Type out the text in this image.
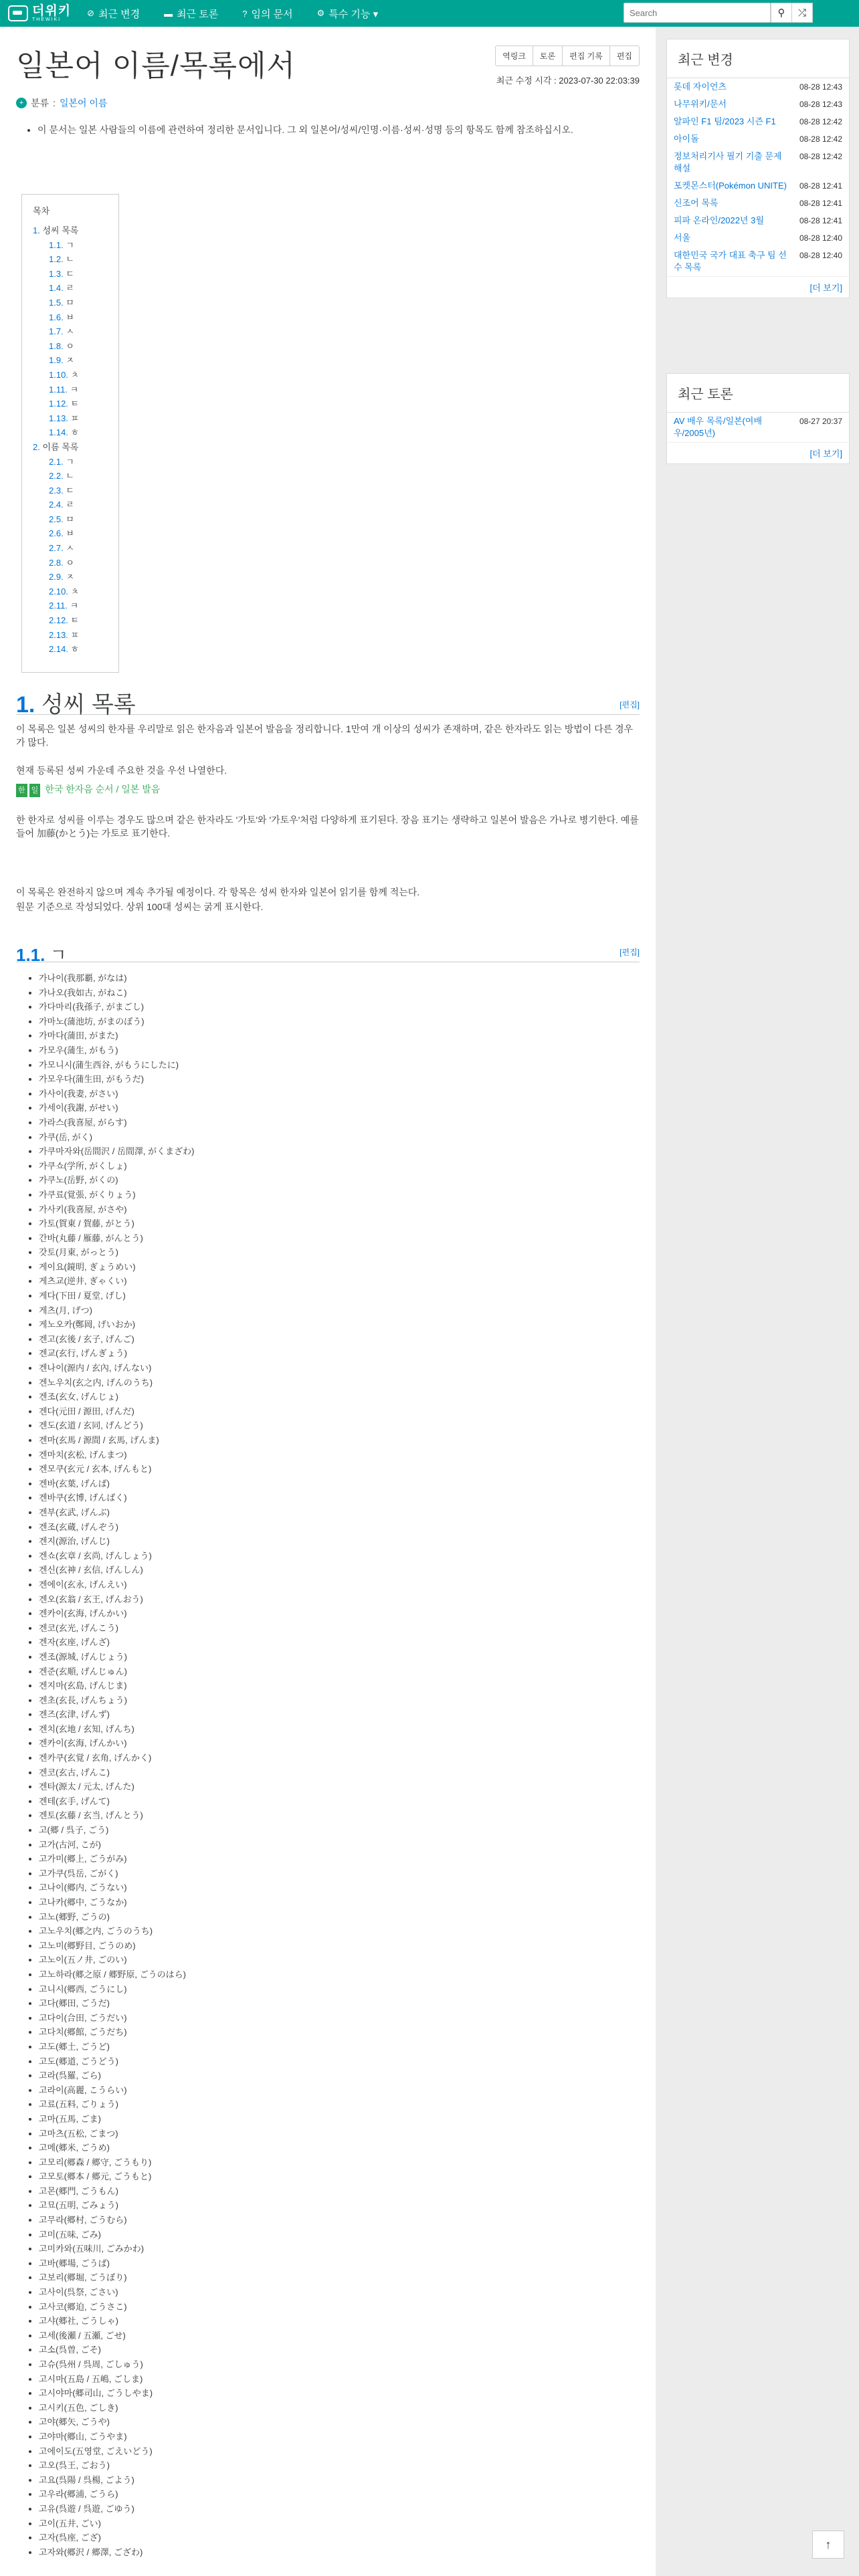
더위키
THEWIKI
⊘ 최근 변경	▬ 최근 토론	? 임의 문서	⚙ 특수 기능 ▾
Search	⚲ ⤮
일본어 이름/목록에서	역링크	토론	편집 기록	편집
최근 수정 시각 : 2023-07-30 22:03:39
+ 분류 : 일본어 이름
• 이 문서는 일본 사람들의 이름에 관련하여 정리한 문서입니다. 그 외 일본어/성씨/인명·이름·성씨·성명 등의 항목도 함께 참조하십시오.
목차
1. 성씨 목록
1.1. ㄱ
1.2. ㄴ
1.3. ㄷ
1.4. ㄹ
1.5. ㅁ
1.6. ㅂ
1.7. ㅅ
1.8. ㅇ
1.9. ㅈ
1.10. ㅊ
1.11. ㅋ
1.12. ㅌ
1.13. ㅍ
1.14. ㅎ
2. 이름 목록
2.1. ㄱ
2.2. ㄴ
2.3. ㄷ
2.4. ㄹ
2.5. ㅁ
2.6. ㅂ
2.7. ㅅ
2.8. ㅇ
2.9. ㅈ
2.10. ㅊ
2.11. ㅋ
2.12. ㅌ
2.13. ㅍ
2.14. ㅎ
1. 성씨 목록	[편집]
이 목록은 일본 성씨의 한자를 우리말로 읽은 한자음과 일본어 발음을 정리합니다. 1만여 개 이상의 성씨가 존재하며, 같은 한자라도 읽는 방법이 다른 경우가 많다.
현재 등록된 성씨 가운데 주요한 것을 우선 나열한다.
한 일 한국 한자음 순서 / 일본 발음
한 한자로 성씨를 이루는 경우도 많으며 같은 한자라도 '가토'와 '가토우'처럼 다양하게 표기된다. 장음 표기는 생략하고 일본어 발음은 가나로 병기한다. 예를 들어 加藤(かとう)는 가토로 표기한다.
이 목록은 완전하지 않으며 계속 추가될 예정이다. 각 항목은 성씨 한자와 일본어 읽기를 함께 적는다.
원문 기준으로 작성되었다. 상위 100대 성씨는 굵게 표시한다.
1.1. ㄱ	[편집]
• 가나이(我那覇, がなは)
• 가나오(我如古, がねこ)
• 가다마리(我孫子, がまごし)
• 가마노(蒲池坊, がまのぼう)
• 가마다(蒲田, がまた)
• 가모우(蒲生, がもう)
• 가모니시(蒲生西谷, がもうにしたに)
• 가모우다(蒲生田, がもうだ)
• 가사이(我妻, がさい)
• 가세이(我謝, がせい)
• 가라스(我喜屋, がらす)
• 가쿠(岳, がく)
• 가쿠마자와(岳間沢 / 岳間澤, がくまざわ)
• 가쿠쇼(学所, がくしょ)
• 가쿠노(岳野, がくの)
• 가쿠료(覚張, がくりょう)
• 가사키(我喜屋, がさや)
• 가토(賀東 / 賀藤, がとう)
• 간바(丸藤 / 雁藤, がんとう)
• 갓토(月東, がっとう)
• 게이요(鏡明, ぎょうめい)
• 게츠교(逆井, ぎゃくい)
• 게다(下田 / 夏堂, げし)
• 게츠(月, げつ)
• 게노오카(鄭岡, げいおか)
• 겐고(玄後 / 玄子, げんご)
• 겐교(玄行, げんぎょう)
• 겐나이(源内 / 玄內, げんない)
• 겐노우치(玄之内, げんのうち)
• 겐조(玄女, げんじょ)
• 겐다(元田 / 源田, げんだ)
• 겐도(玄道 / 玄同, げんどう)
• 겐마(玄馬 / 源間 / 玄馬, げんま)
• 겐마치(玄松, げんまつ)
• 겐모쿠(玄元 / 玄本, げんもと)
• 겐바(玄葉, げんば)
• 겐바쿠(玄博, げんばく)
• 겐부(玄武, げんぶ)
• 겐조(玄蔵, げんぞう)
• 겐지(源治, げんじ)
• 겐쇼(玄章 / 玄尚, げんしょう)
• 겐신(玄神 / 玄信, げんしん)
• 겐에이(玄永, げんえい)
• 겐오(玄翁 / 玄王, げんおう)
• 겐카이(玄海, げんかい)
• 겐코(玄光, げんこう)
• 겐자(玄座, げんざ)
• 겐조(源城, げんじょう)
• 겐준(玄順, げんじゅん)
• 겐지마(玄島, げんじま)
• 겐초(玄長, げんちょう)
• 겐즈(玄津, げんず)
• 겐치(玄地 / 玄知, げんち)
• 겐카이(玄海, げんかい)
• 겐카쿠(玄覚 / 玄角, げんかく)
• 겐코(玄古, げんこ)
• 겐타(源太 / 元太, げんた)
• 겐테(玄手, げんて)
• 겐토(玄藤 / 玄当, げんとう)
• 고(郷 / 呉子, ごう)
• 고가(古河, こが)
• 고가미(郷上, ごうがみ)
• 고가쿠(呉岳, ごがく)
• 고나이(郷内, ごうない)
• 고나카(郷中, ごうなか)
• 고노(郷野, ごうの)
• 고노우치(郷之内, ごうのうち)
• 고노미(郷野目, ごうのめ)
• 고노이(五ノ井, ごのい)
• 고노하라(郷之原 / 郷野原, ごうのはら)
• 고니시(郷西, ごうにし)
• 고다(郷田, ごうだ)
• 고다이(合田, ごうだい)
• 고다치(郷館, ごうだち)
• 고도(郷土, ごうど)
• 고도(郷道, ごうどう)
• 고라(呉羅, ごら)
• 고라이(高麗, こうらい)
• 고료(五料, ごりょう)
• 고마(五馬, ごま)
• 고마츠(五松, ごまつ)
• 고메(郷米, ごうめ)
• 고모리(郷森 / 郷守, ごうもり)
• 고모토(郷本 / 郷元, ごうもと)
• 고몬(郷門, ごうもん)
• 고묘(五明, ごみょう)
• 고무라(郷村, ごうむら)
• 고미(五味, ごみ)
• 고미카와(五味川, ごみかわ)
• 고바(郷場, ごうば)
• 고보리(郷堀, ごうぼり)
• 고사이(呉祭, ごさい)
• 고사코(郷迫, ごうさこ)
• 고샤(郷社, ごうしゃ)
• 고세(後瀬 / 五瀬, ごせ)
• 고소(呉曽, ごそ)
• 고슈(呉州 / 呉周, ごしゅう)
• 고시마(五島 / 五嶋, ごしま)
• 고시야마(郷司山, ごうしやま)
• 고시키(五色, ごしき)
• 고야(郷矢, ごうや)
• 고야마(郷山, ごうやま)
• 고에이도(五영堂, ごえいどう)
• 고오(呉王, ごおう)
• 고요(呉陽 / 呉楊, ごよう)
• 고우라(郷浦, ごうら)
• 고유(呉遊 / 呉遊, ごゆう)
• 고이(五井, ごい)
• 고자(呉座, ござ)
• 고자와(郷沢 / 郷澤, ござわ)
최근 변경
롯데 자이언츠	08-28 12:43
나무위키/문서	08-28 12:43
알파인 F1 팀/2023 시즌 F1	08-28 12:42
아이돌	08-28 12:42
정보처리기사 필기 기출 문제 해설
08-28 12:42
포켓몬스터(Pokémon UNITE) 08-28 12:41
신조어 목록	08-28 12:41
피파 온라인/2022년 3월	08-28 12:41
서울	08-28 12:40
대한민국 국가 대표 축구 팀 선수 목록
08-28 12:40
[더 보기]
최근 토론
AV 배우 목록/일본(여배우/2005년)
08-27 20:37
[더 보기]
↑
